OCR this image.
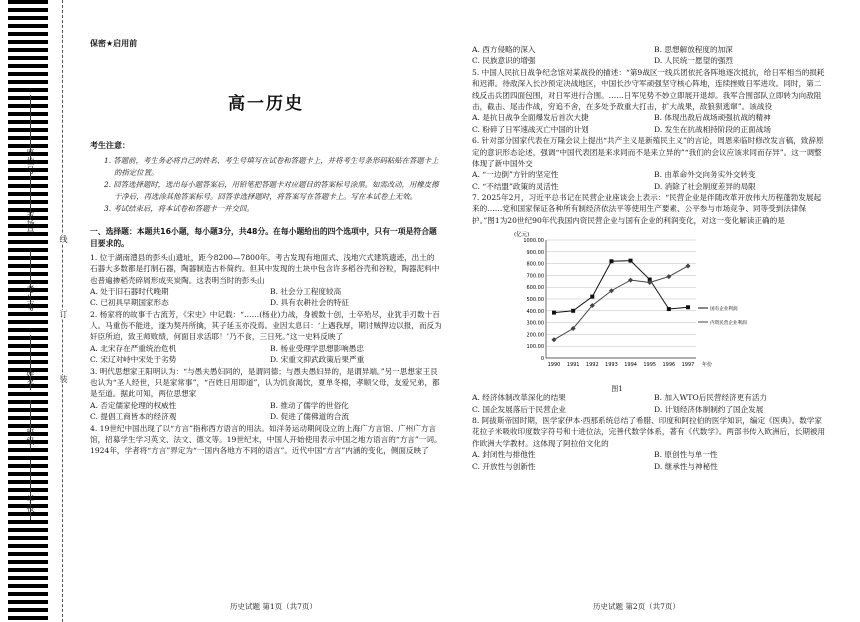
座位号
考场号
考生号
姓名
班级
学校
线
订
装
保密★启用前
高一历史
考生注意：

1. 答题前，考生务必将自己的姓名、考生号填写在试卷和答题卡上，并将考生号条形码粘贴在答题卡上的指定位置。

2. 回答选择题时，选出每小题答案后，用铅笔把答题卡对应题目的答案标号涂黑。如需改动，用橡皮擦干净后，再选涂其他答案标号。回答非选择题时，将答案写在答题卡上。写在本试卷上无效。

3. 考试结束后，将本试卷和答题卡一并交回。

一、选择题：本题共16小题，每小题3分，共48分。在每小题给出的四个选项中，只有一项是符合题目要求的。
1. 位于湖南澧县的彭头山遗址，距今8200—7800年。考古发现有地面式、浅地穴式建筑遗迹，出土的石器大多数都是打制石器，陶器制造古朴简约。但其中发现的土块中包含许多稻谷壳和谷粒，陶器泥料中也普遍掺稻壳碎屑形成夹炭陶。这表明当时的彭头山
A. 处于旧石器时代晚期	B. 社会分工程度较高
C. 已初具早期国家形态	D. 具有农耕社会的特征
2. 杨家将的故事千古流芳，《宋史》中记载：“……(杨业)力战，身被数十创，士卒殆尽，业犹手刃数十百人。马重伤不能进，遂为契丹所擒，其子延玉亦没焉。业因太息曰：‘上遇我厚，期讨贼捍边以报，而反为奸臣所迫，致王师败绩，何面目求活耶！’乃不食，三日死。”这一史料反映了
A. 北宋存在严重统治危机	B. 杨业受理学思想影响愚忠
C. 宋辽对峙中宋处于劣势	D. 宋重文抑武政策后果严重
3. 明代思想家王阳明认为：“与愚夫愚妇同的，是谓同德；与愚夫愚妇异的，是谓异端。”另一思想家王艮也认为“圣人经世，只是家常事”，“百姓日用即道”，认为饥食渴饮，夏单冬棉，孝顺父母，友爱兄弟，都是至道。据此可知，两位思想家
A. 否定儒家伦理的权威性	B. 推动了儒学的世俗化
C. 提倡工商皆本的经济观	D. 促进了儒佛道的合流
4. 19世纪中国出现了以“方言”指称西方语言的用法。如洋务运动期间设立的上海广方言馆、广州广方言馆，招募学生学习英文、法文、德文等。19世纪末，中国人开始使用表示中国之地方语言的“方言”一词。1924年，学者将“方言”界定为“一国内各地方不同的语言”。近代中国“方言”内涵的变化，侧面反映了
历史试题 第1页（共7页）
A. 西方侵略的深入	B. 思想解放程度的加深
C. 民族意识的增强	D. 人民统一愿望的强烈
5. 中国人民抗日战争纪念馆对某战役的描述：“第9战区一线兵团依托各阵地逐次抵抗，给日军相当的损耗和迟滞。待敌深入长沙预定决战地区，中国长沙守军顽强坚守核心阵地，连续挫败日军进攻。同时，第二线反击兵团四面包围，对日军进行合围。……日军见势不妙立即展开退却。我军合围部队立即转为向敌阻击，截击、尾击作战，穷追不舍，在多处予敌重大打击，扩大战果，敌狼狈逃窜”。该战役
A. 是抗日战争全面爆发后首次大捷	B. 体现出敌后战场顽强抗战的精神
C. 粉碎了日军速战灭亡中国的计划	D. 发生在抗战相持阶段的正面战场
6. 针对部分国家代表在万隆会议上提出“共产主义是新殖民主义”的言论，周恩来临时修改发言稿，致辞原定的意识形态论述，强调“中国代表团是来求同而不是来立异的”“我们的会议应该求同而存异”。这一调整体现了新中国外交
A. “一边倒”方针的坚定性	B. 由革命外交向务实外交转变
C. “不结盟”政策的灵活性	D. 消除了社会制度差异的局限
7. 2025年2月，习近平总书记在民营企业座谈会上表示：“民营企业是伴随改革开放伟大历程蓬勃发展起来的……党和国家保证各种所有制经济依法平等使用生产要素、公平参与市场竞争、同等受到法律保护。”图1为20世纪90年代我国内资民营企业与国有企业的利润变化，对这一变化解读正确的是
0
100.00
200.00
300.00
400.00
500.00
600.00
700.00
800.00
900.00
1000.00
(亿元)
1990 1991 1992 1993 1994 1995 1996 1997 年份
国有企业利润
内资民营企业利润
图1
A. 经济体制改革深化的结果	B. 加入WTO后民营经济更有活力
C. 国企发展落后于民营企业	D. 计划经济体制制约了国企发展
8. 阿拔斯帝国时期，医学家伊本·西那系统总结了希腊、印度和阿拉伯的医学知识，编定《医典》。数学家花拉子米吸收印度数字符号和十进位法，完善代数学体系，著有《代数学》。两部书传入欧洲后，长期被用作欧洲大学教材。这体现了阿拉伯文化的
A. 封闭性与排他性	B. 原创性与单一性
C. 开放性与创新性	D. 继承性与神秘性
历史试题 第2页（共7页）
